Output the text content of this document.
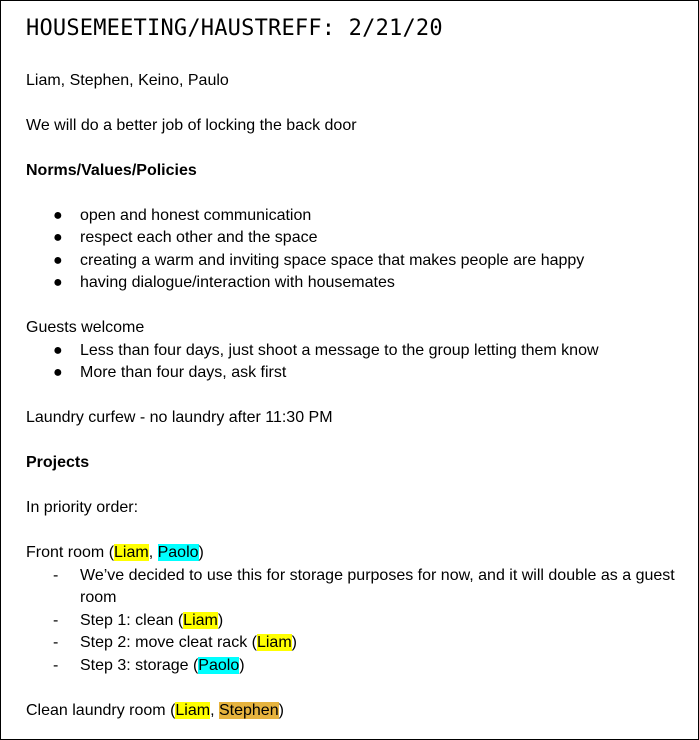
HOUSEMEETING/HAUSTREFF: 2/21/20
Liam, Stephen, Keino, Paulo
We will do a better job of locking the back door
Norms/Values/Policies
● open and honest communication
● respect each other and the space
● creating a warm and inviting space space that makes people are happy
● having dialogue/interaction with housemates
Guests welcome
● Less than four days, just shoot a message to the group letting them know
● More than four days, ask first
Laundry curfew - no laundry after 11:30 PM
Projects
In priority order:
Front room (Liam, Paolo)
-	We’ve decided to use this for storage purposes for now, and it will double as a guest
room
-	Step 1: clean (Liam)
-	Step 2: move cleat rack (Liam)
-	Step 3: storage (Paolo)
Clean laundry room (Liam, Stephen)
